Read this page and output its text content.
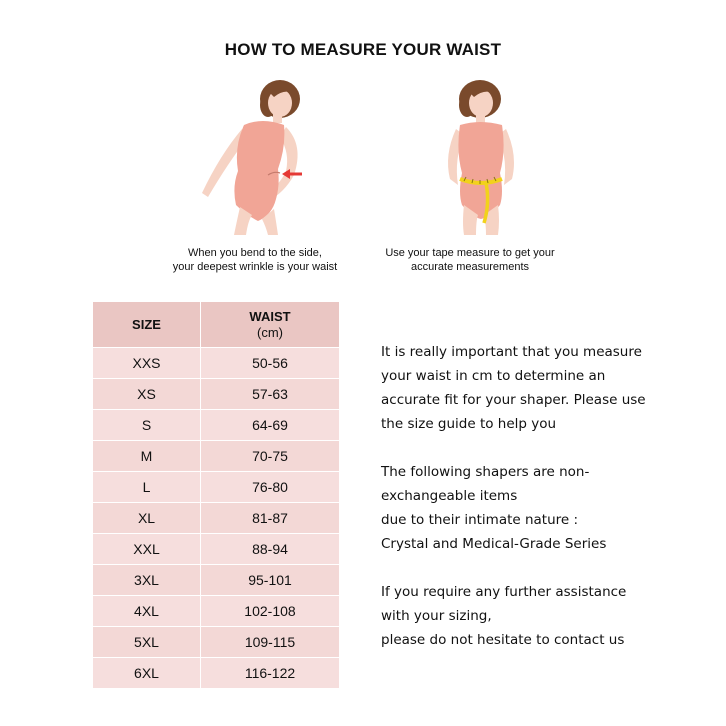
HOW TO MEASURE YOUR WAIST
When you bend to the side,
your deepest wrinkle is your waist
Use your tape measure to get your
accurate measurements
SIZE	WAIST
(cm)

XXS	50-56
XS	57-63
S	64-69
M	70-75
L	76-80
XL	81-87
XXL	88-94
3XL	95-101
4XL	102-108
5XL	109-115
6XL	116-122

It is really important that you measure
your waist in cm to determine an
accurate fit for your shaper. Please use
the size guide to help you

The following shapers are non-
exchangeable items
due to their intimate nature :
Crystal and Medical-Grade Series

If you require any further assistance
with your sizing,
please do not hesitate to contact us
